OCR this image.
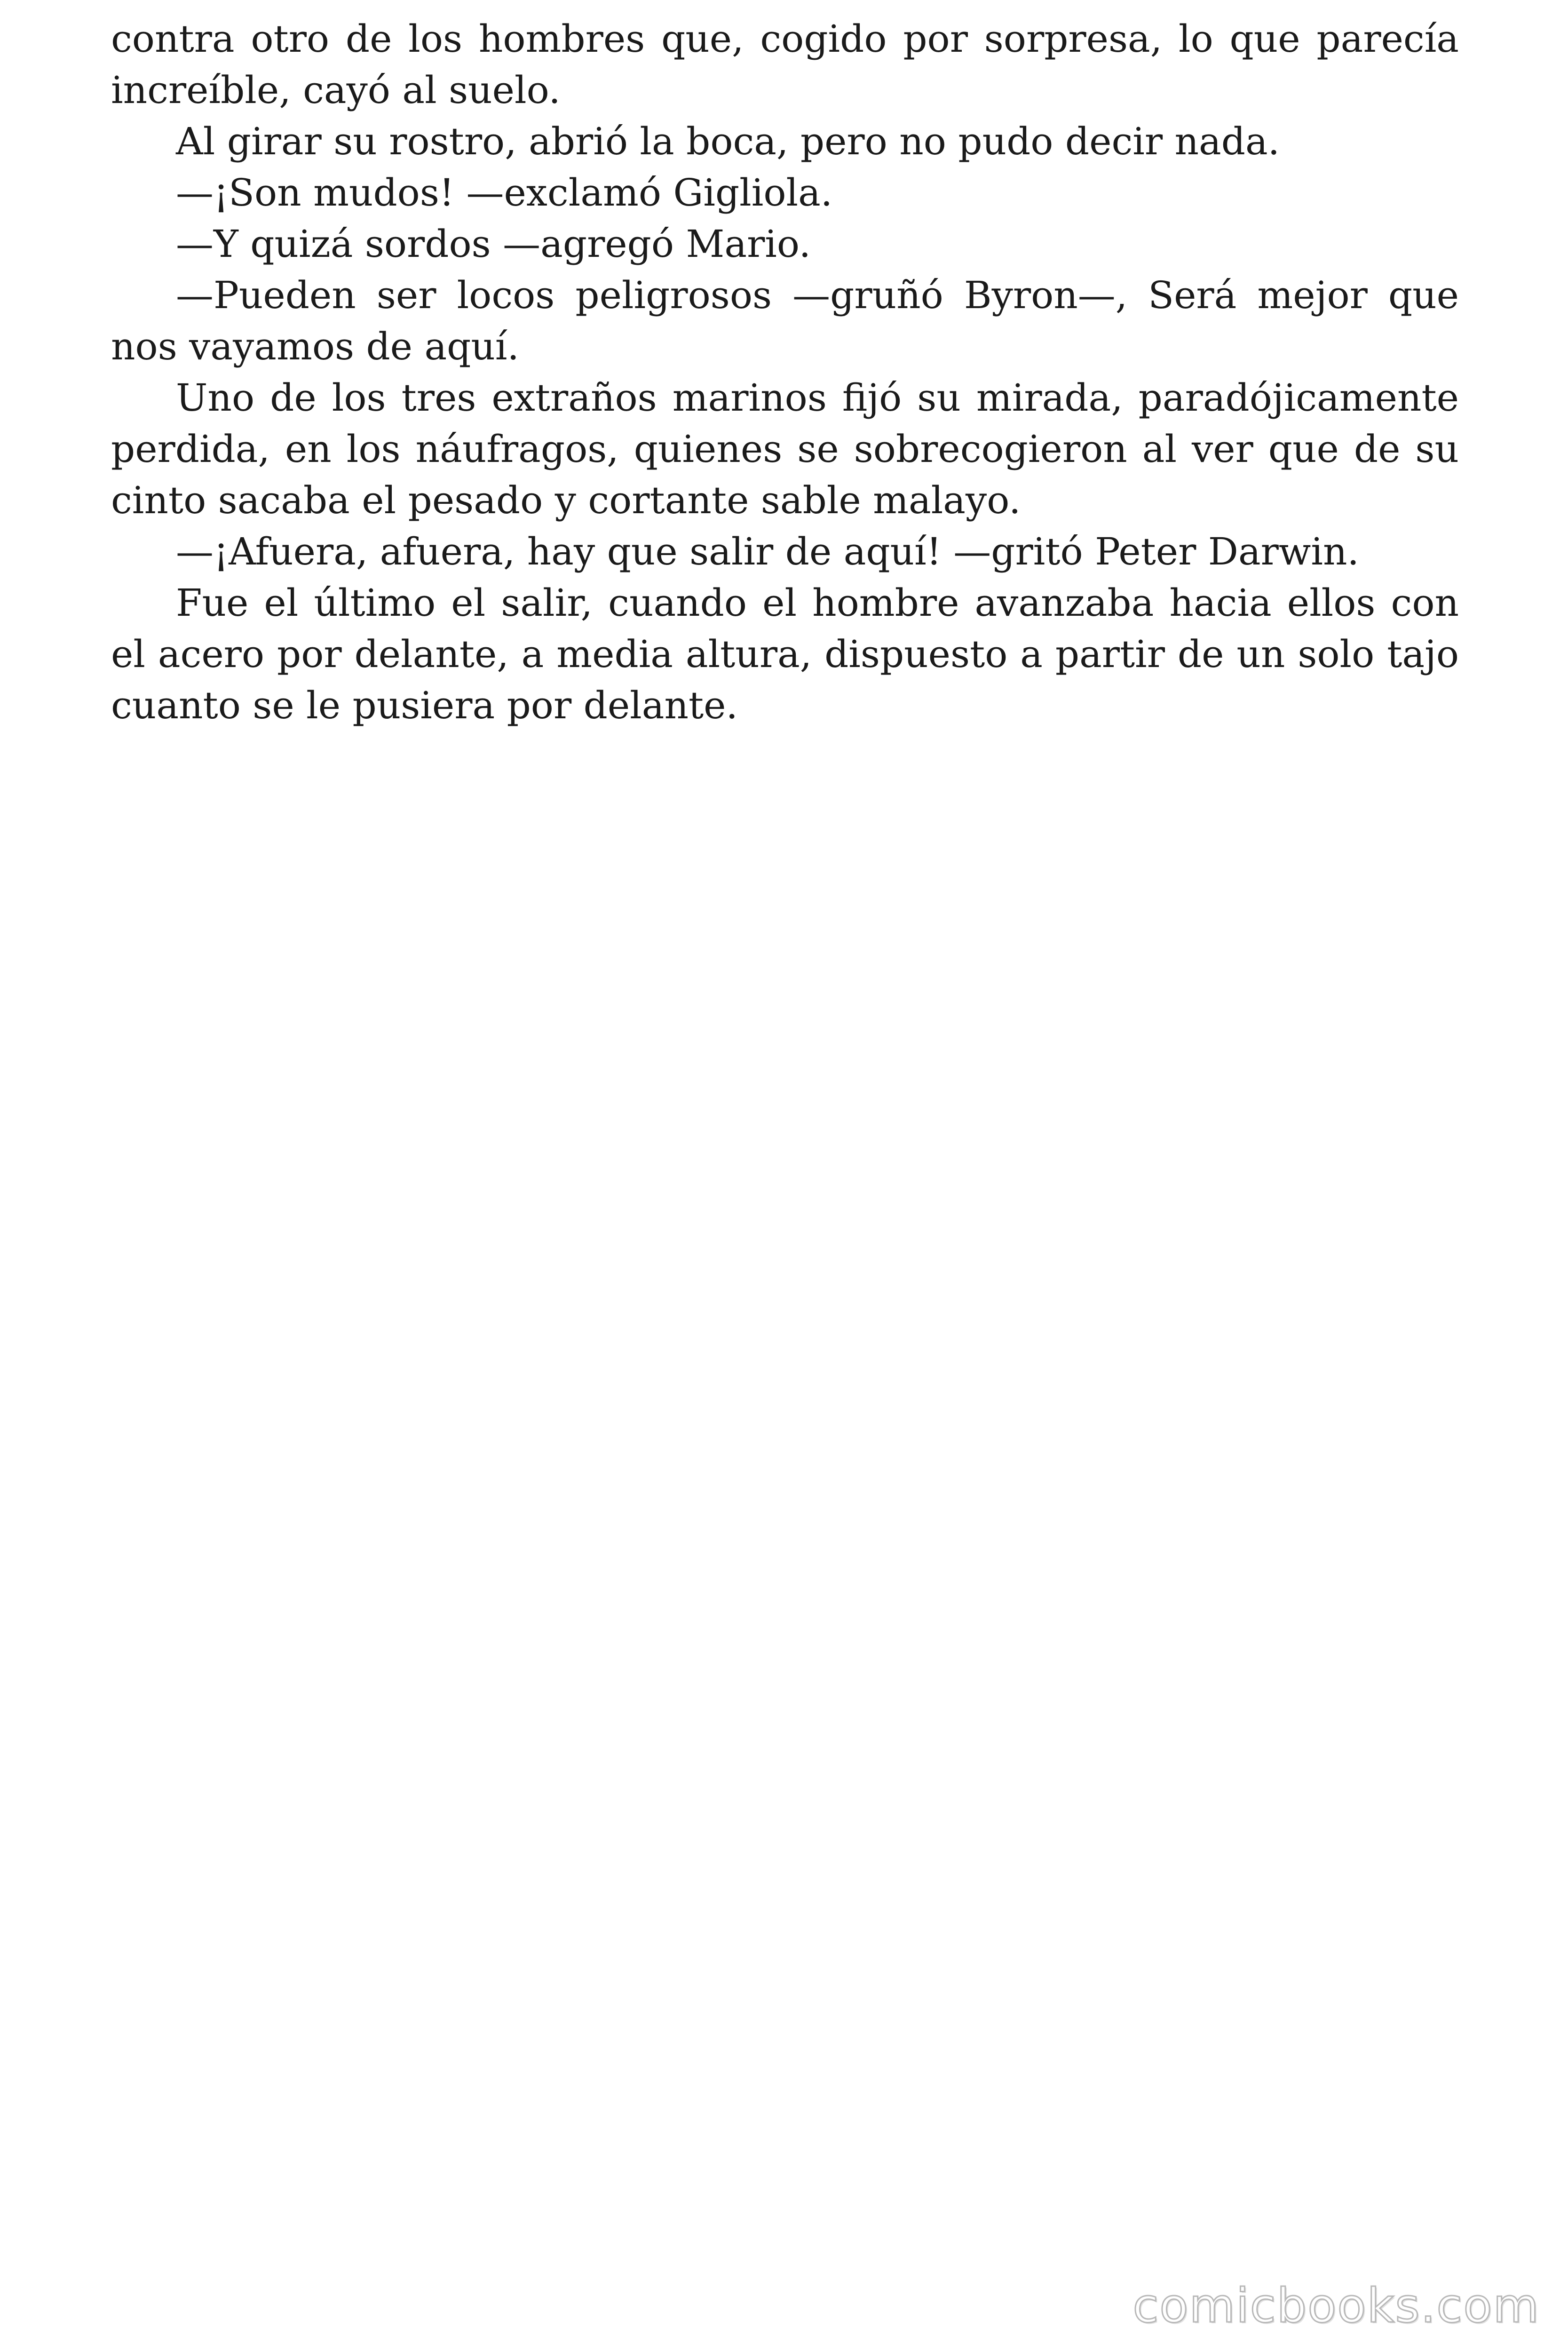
contra otro de los hombres que, cogido por sorpresa, lo que parecía increíble, cayó al suelo.

Al girar su rostro, abrió la boca, pero no pudo decir nada.

—¡Son mudos! —exclamó Gigliola.

—Y quizá sordos —agregó Mario.

—Pueden ser locos peligrosos —gruñó Byron—, Será mejor que nos vayamos de aquí.

Uno de los tres extraños marinos fijó su mirada, paradójicamente perdida, en los náufragos, quienes se sobrecogieron al ver que de su cinto sacaba el pesado y cortante sable malayo.

—¡Afuera, afuera, hay que salir de aquí! —gritó Peter Darwin.

Fue el último el salir, cuando el hombre avanzaba hacia ellos con el acero por delante, a media altura, dispuesto a partir de un solo tajo cuanto se le pusiera por delante.

comicbooks.com
